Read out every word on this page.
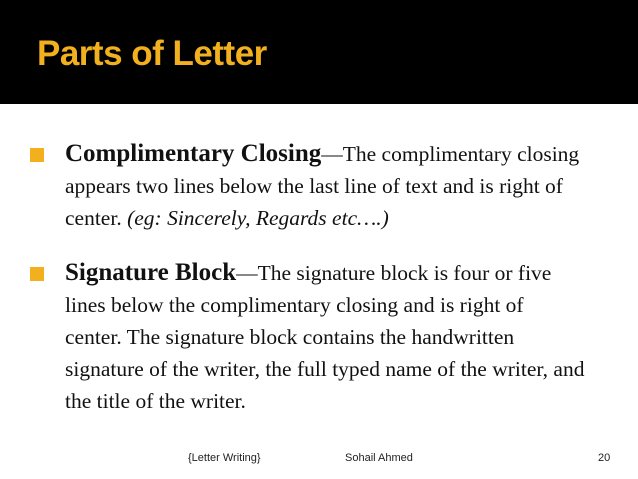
Parts of Letter
Complimentary Closing—The complimentary closing appears two lines below the last line of text and is right of center. (eg: Sincerely, Regards etc….)
Signature Block—The signature block is four or five lines below the complimentary closing and is right of center. The signature block contains the handwritten signature of the writer, the full typed name of the writer, and the title of the writer.
{Letter Writing}	Sohail Ahmed	20
